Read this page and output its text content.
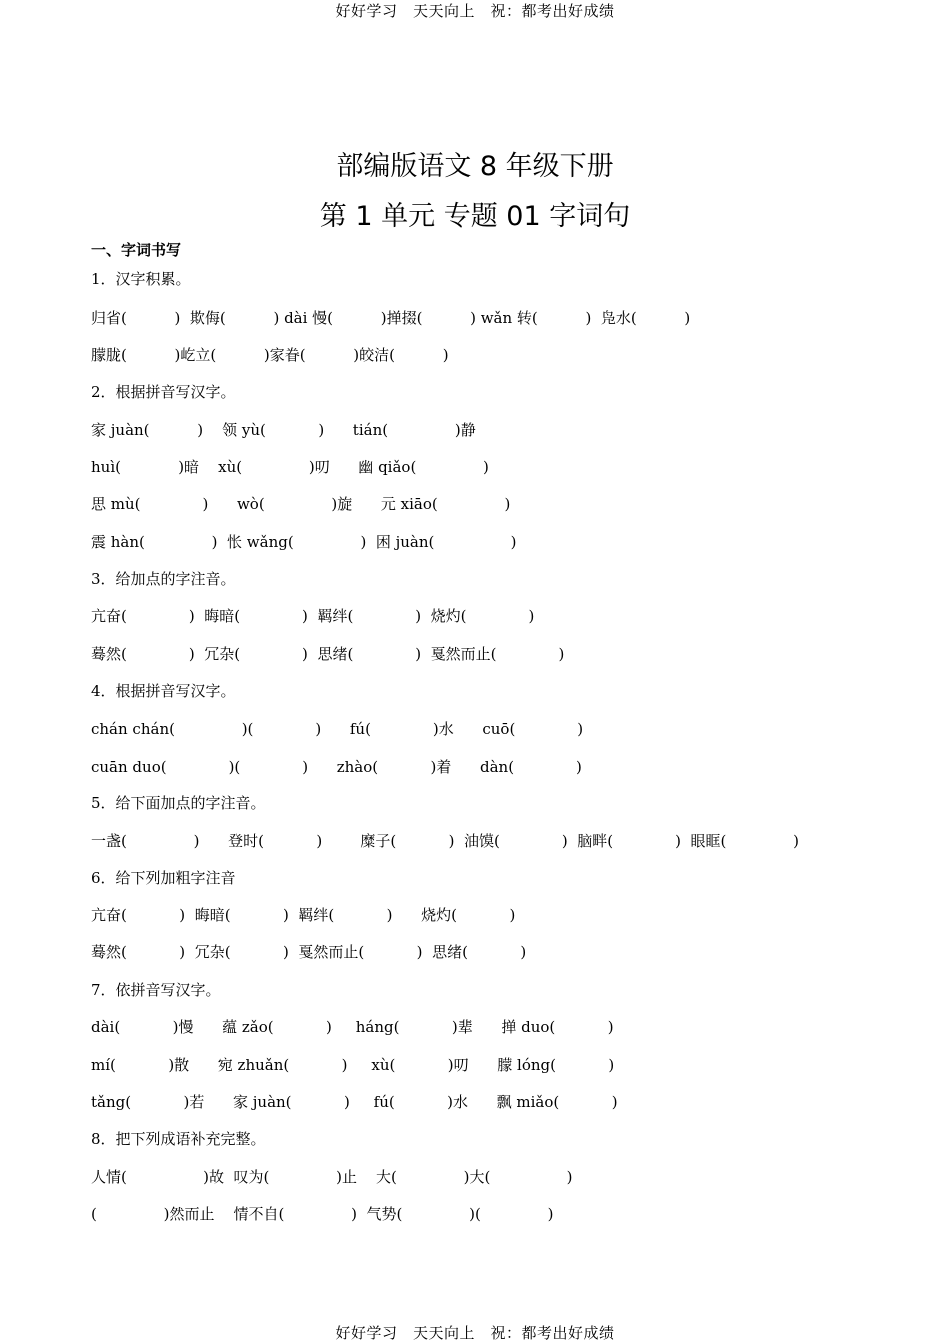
好好学习　天天向上　祝：都考出好成绩
部编版语文 8 年级下册
第 1 单元 专题 01 字词句
一、字词书写
1．汉字积累。
归省(          )  欺侮(          ) dài 慢(          )掸掇(          ) wǎn 转(          )  凫水(          )
朦胧(          )屹立(          )家眷(          )皎洁(          )
2．根据拼音写汉字。
家 juàn(          )    领 yù(           )      tián(              )静
huì(            )暗    xù(              )叨      幽 qiǎo(              )
思 mù(             )      wò(              )旋      元 xiāo(              )
震 hàn(              )  怅 wǎng(              )  困 juàn(                )
3．给加点的字注音。
亢奋(             )  晦暗(             )  羁绊(             )  烧灼(             )
蓦然(             )  冗杂(             )  思绪(             )  戛然而止(             )
4．根据拼音写汉字。
chán chán(              )(             )      fú(             )水      cuō(             )
cuān duo(             )(             )      zhào(           )着      dàn(             )
5．给下面加点的字注音。
一盏(              )      登时(           )        糜子(           )  油馍(             )  脑畔(             )  眼眶(              )
6．给下列加粗字注音
亢奋(           )  晦暗(           )  羁绊(           )      烧灼(           )
蓦然(           )  冗杂(           )  戛然而止(           )  思绪(           )
7．依拼音写汉字。
dài(           )慢      蕴 zǎo(           )     háng(           )辈      掸 duo(           )
mí(           )散      宛 zhuǎn(           )     xù(           )叨      朦 lóng(           )
tǎng(           )若      家 juàn(           )     fú(           )水      飘 miǎo(           )
8．把下列成语补充完整。
人情(                )故  叹为(              )止    大(              )大(                )
(              )然而止    情不自(              )  气势(              )(              )
好好学习　天天向上　祝：都考出好成绩
